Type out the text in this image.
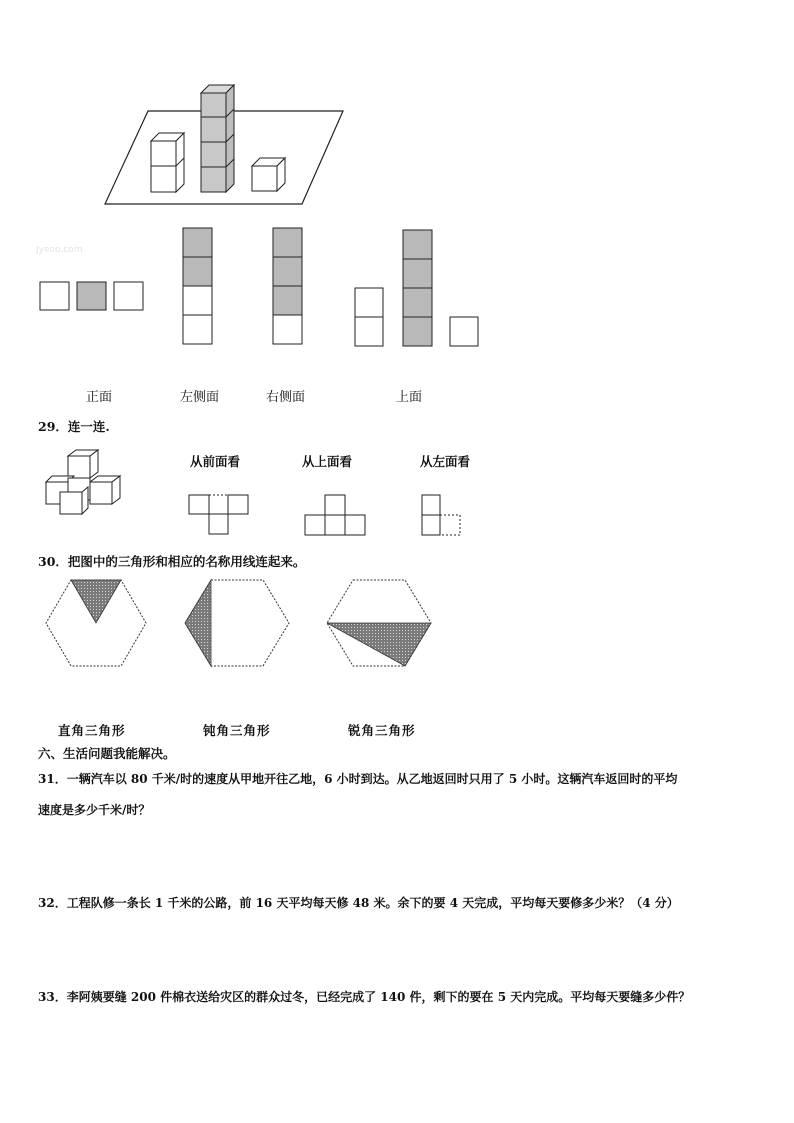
Jyeoo.com
正面	左侧面	右侧面	上面
29．连一连.
从前面看	从上面看	从左面看
30．把图中的三角形和相应的名称用线连起来。
直角三角形	钝角三角形	锐角三角形
六、生活问题我能解决。
31．一辆汽车以 80 千米/时的速度从甲地开往乙地，6 小时到达。从乙地返回时只用了 5 小时。这辆汽车返回时的平均
速度是多少千米/时？
32．工程队修一条长 1 千米的公路，前 16 天平均每天修 48 米。余下的要 4 天完成，平均每天要修多少米？（4 分）
33．李阿姨要缝 200 件棉衣送给灾区的群众过冬，已经完成了 140 件，剩下的要在 5 天内完成。平均每天要缝多少件？
